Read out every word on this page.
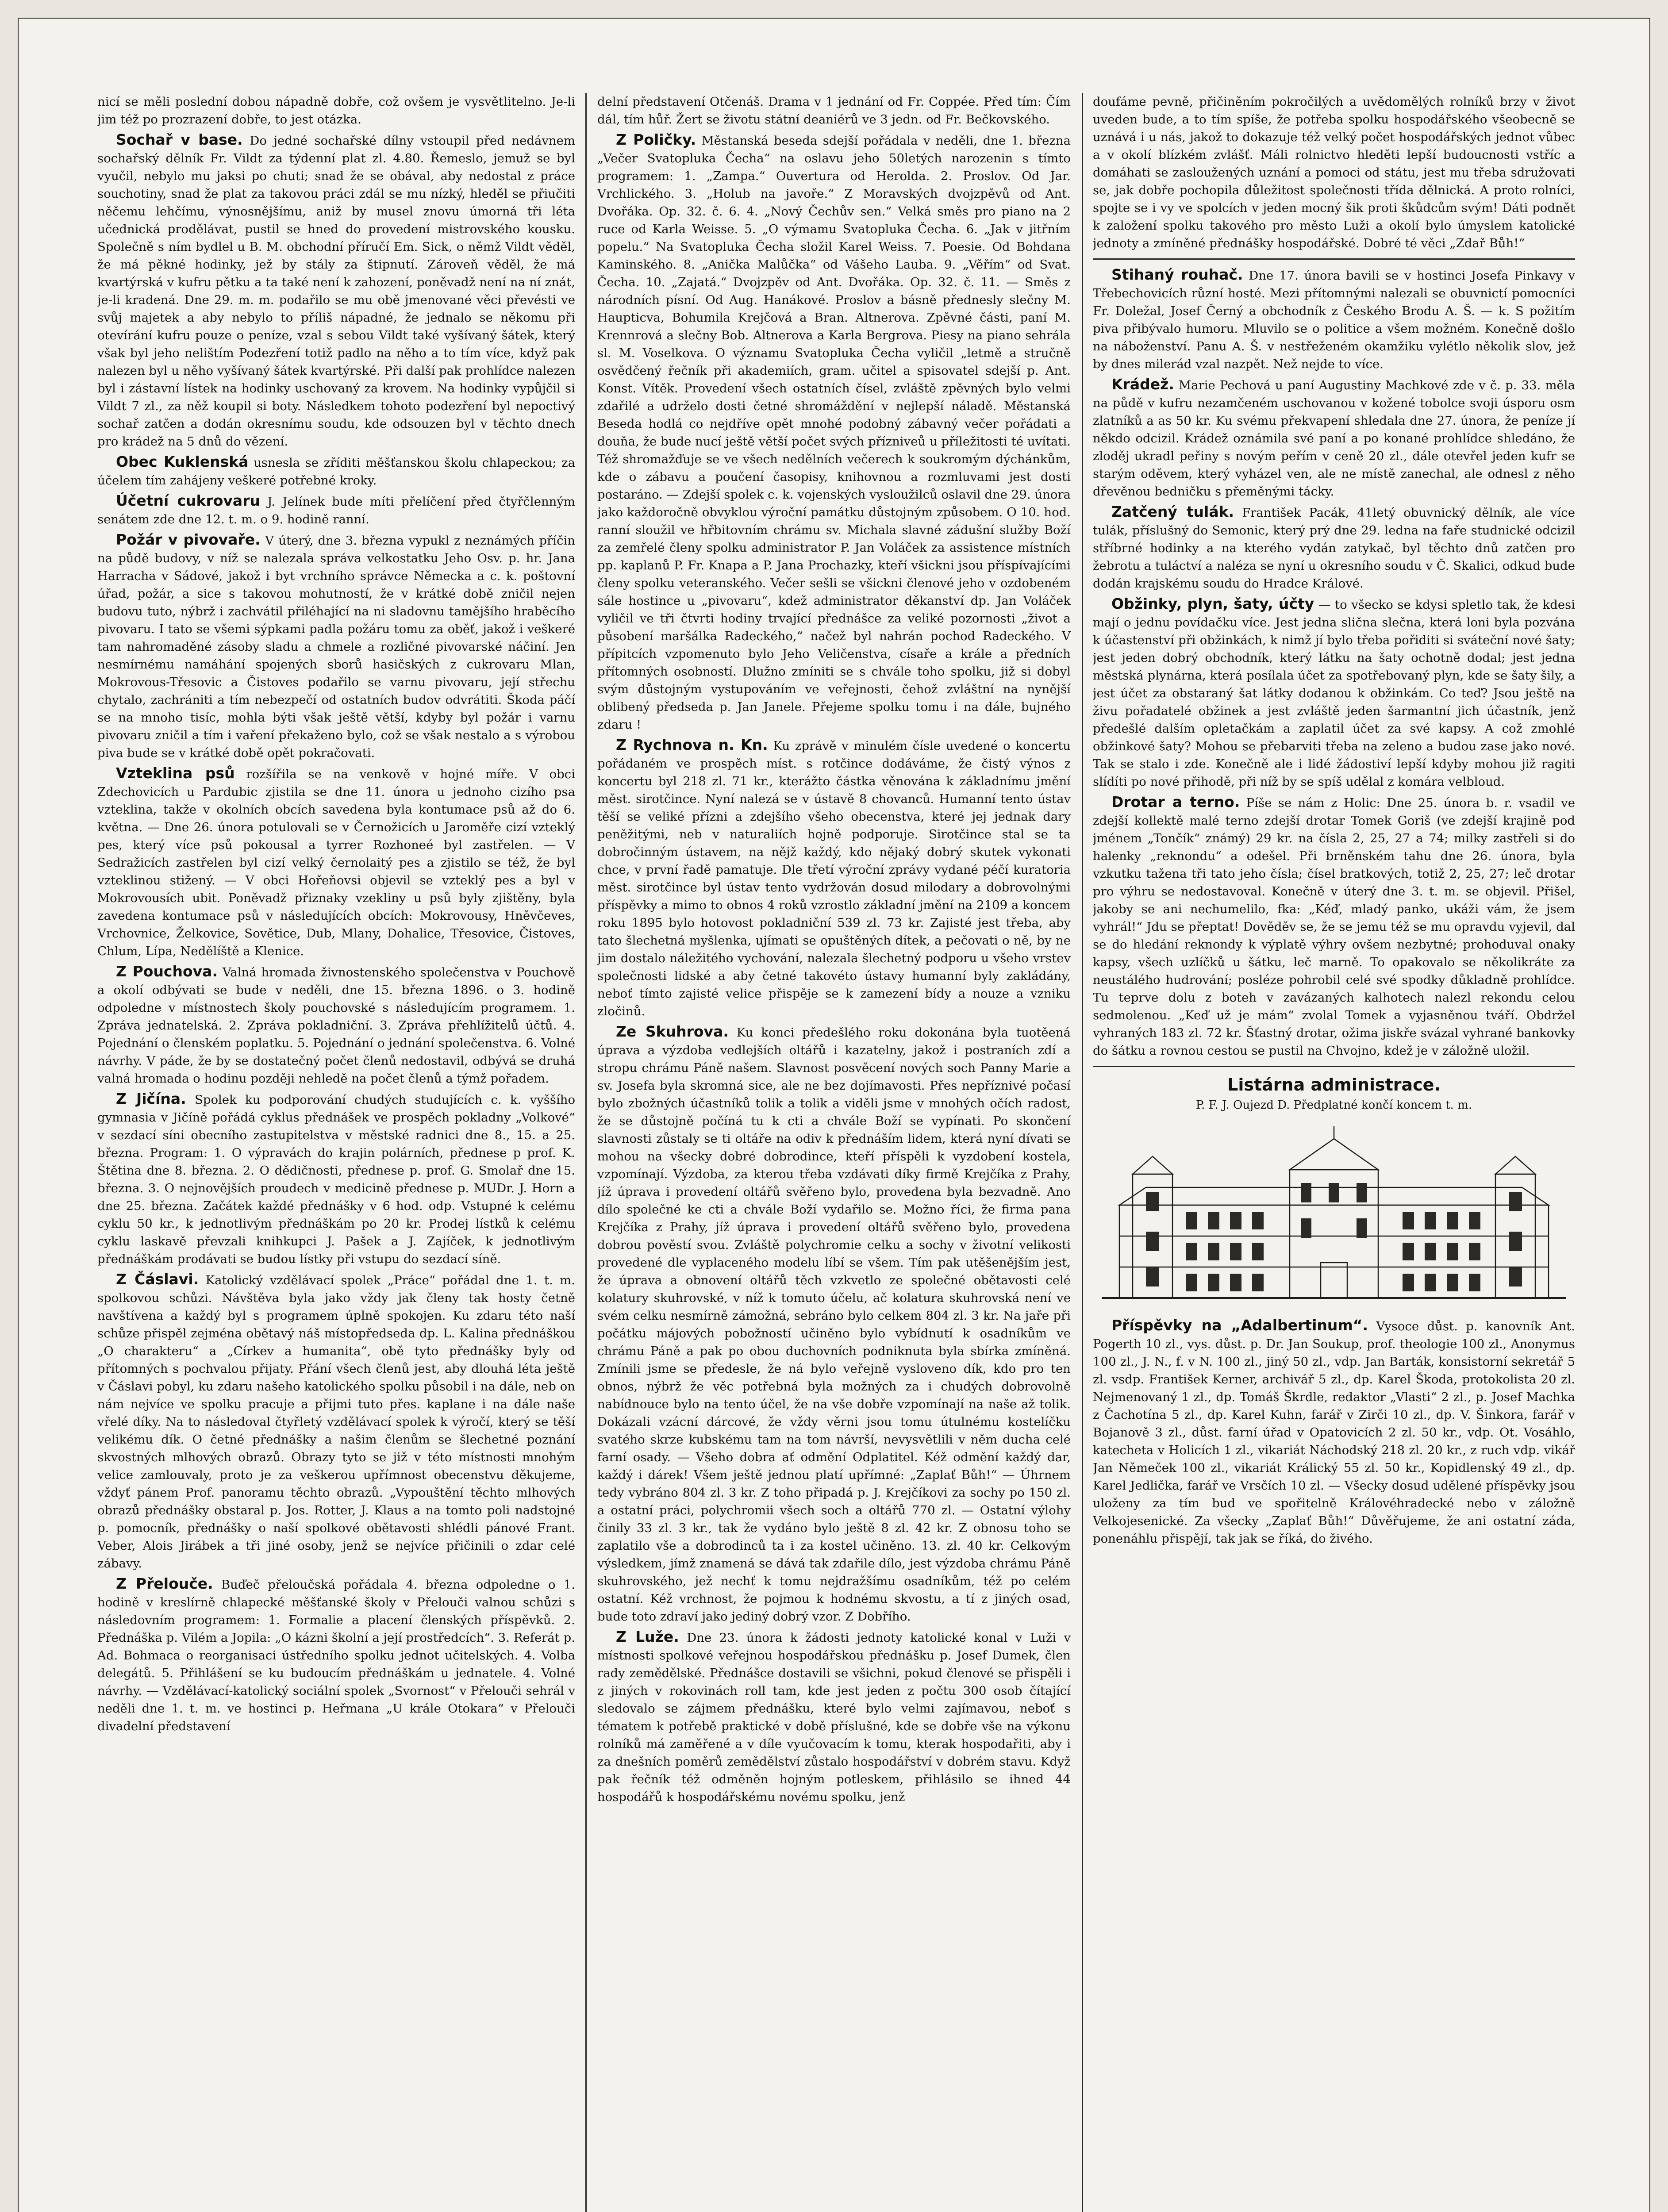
nicí se měli poslední dobou nápadně dobře, což ovšem je vysvětlitelno. Je-li jim též po prozrazení dobře, to jest otázka.

Sochař v base. Do jedné sochařské dílny vstoupil před nedávnem sochařský dělník Fr. Vildt za týdenní plat zl. 4.80. Řemeslo, jemuž se byl vyučil, nebylo mu jaksi po chuti; snad že se obával, aby nedostal z práce souchotiny, snad že plat za takovou práci zdál se mu nízký, hleděl se přiučiti něčemu lehčímu, výnosnějšímu, aniž by musel znovu úmorná tři léta učednická prodělávat, pustil se hned do provedení mistrovského kousku. Společně s ním bydlel u B. M. obchodní příručí Em. Sick, o němž Vildt věděl, že má pěkné hodinky, jež by stály za štipnutí. Zároveň věděl, že má kvartýrská v kufru pětku a ta také není k zahození, poněvadž není na ní znát, je-li kradená. Dne 29. m. m. podařilo se mu obě jmenované věci převésti ve svůj majetek a aby nebylo to příliš nápadné, že jednalo se někomu při otevírání kufru pouze o peníze, vzal s sebou Vildt také vyšívaný šátek, který však byl jeho nelištím Podezření totiž padlo na něho a to tím více, když pak nalezen byl u něho vyšívaný šátek kvartýrské. Při další pak prohlídce nalezen byl i zástavní lístek na hodinky uschovaný za krovem. Na hodinky vypůjčil si Vildt 7 zl., za něž koupil si boty. Následkem tohoto podezření byl nepoctivý sochař zatčen a dodán okresnímu soudu, kde odsouzen byl v těchto dnech pro krádež na 5 dnů do vězení.

Obec Kuklenská usnesla se zříditi měšťanskou školu chlapeckou; za účelem tím zahájeny veškeré potřebné kroky.

Účetní cukrovaru J. Jelínek bude míti přelíčení před čtyřčlenným senátem zde dne 12. t. m. o 9. hodině ranní.

Požár v pivovaře. V úterý, dne 3. března vypukl z neznámých příčin na půdě budovy, v níž se nalezala správa velkostatku Jeho Osv. p. hr. Jana Harracha v Sádové, jakož i byt vrchního správce Německa a c. k. poštovní úřad, požár, a sice s takovou mohutností, že v krátké době zničil nejen budovu tuto, nýbrž i zachvátil přiléhající na ni sladovnu tamějšího hraběcího pivovaru. I tato se všemi sýpkami padla požáru tomu za oběť, jakož i veškeré tam nahromaděné zásoby sladu a chmele a rozličné pivovarské náčiní. Jen nesmírnému namáhání spojených sborů hasičských z cukrovaru Mlan, Mokrovous-Třesovic a Čistoves podařilo se varnu pivovaru, její střechu chytalo, zachrániti a tím nebezpečí od ostatních budov odvrátiti. Škoda páčí se na mnoho tisíc, mohla býti však ještě větší, kdyby byl požár i varnu pivovaru zničil a tím i vaření překaženo bylo, což se však nestalo a s výrobou piva bude se v krátké době opět pokračovati.

Vzteklina psů rozšířila se na venkově v hojné míře. V obci Zdechovicích u Pardubic zjistila se dne 11. února u jednoho cizího psa vzteklina, takže v okolních obcích savedena byla kontumace psů až do 6. května. — Dne 26. února potulovali se v Černožicích u Jaroměře cizí vzteklý pes, který více psů pokousal a tyrrer Rozhoneé byl zastřelen. — V Sedražicích zastřelen byl cizí velký černolaitý pes a zjistilo se též, že byl vzteklinou stižený. — V obci Hořeňovsi objevil se vzteklý pes a byl v Mokrovousích ubit. Poněvadž přiznaky vzekliny u psů byly zjištěny, byla zavedena kontumace psů v následujících obcích: Mokrovousy, Hněvčeves, Vrchovnice, Želkovice, Sovětice, Dub, Mlany, Dohalice, Třesovice, Čistoves, Chlum, Lípa, Nedělíště a Klenice.

Z Pouchova. Valná hromada živnostenského společenstva v Pouchově a okolí odbývati se bude v neděli, dne 15. března 1896. o 3. hodině odpoledne v místnostech školy pouchovské s následujícím programem. 1. Zpráva jednatelská. 2. Zpráva pokladniční. 3. Zpráva přehlížitelů účtů. 4. Pojednání o členském poplatku. 5. Pojednání o jednání společenstva. 6. Volné návrhy. V páde, že by se dostatečný počet členů nedostavil, odbývá se druhá valná hromada o hodinu později nehledě na počet členů a týmž pořadem.

Z Jičína. Spolek ku podporování chudých studujících c. k. vyššího gymnasia v Jičíně pořádá cyklus přednášek ve prospěch pokladny „Volkové“ v sezdací síni obecního zastupitelstva v městské radnici dne 8., 15. a 25. března. Program: 1. O výpravách do krajin polárních, přednese p prof. K. Štětina dne 8. března. 2. O dědičnosti, přednese p. prof. G. Smolař dne 15. března. 3. O nejnovějších proudech v medicině přednese p. MUDr. J. Horn a dne 25. března. Začátek každé přednášky v 6 hod. odp. Vstupné k celému cyklu 50 kr., k jednotlivým přednáškám po 20 kr. Prodej lístků k celému cyklu laskavě převzali knihkupci J. Pašek a J. Zajíček, k jednotlivým přednáškám prodávati se budou lístky při vstupu do sezdací síně.

Z Čáslavi. Katolický vzdělávací spolek „Práce“ pořádal dne 1. t. m. spolkovou schůzi. Návštěva byla jako vždy jak členy tak hosty četně navštívena a každý byl s programem úplně spokojen. Ku zdaru této naší schůze přispěl zejména obětavý náš místopředseda dp. L. Kalina přednáškou „O charakteru“ a „Církev a humanita“, obě tyto přednášky byly od přítomných s pochvalou přijaty. Přání všech členů jest, aby dlouhá léta ještě v Čáslavi pobyl, ku zdaru našeho katolického spolku působil i na dále, neb on nám nejvíce ve spolku pracuje a přijmi tuto přes. kaplane i na dále naše vřelé díky. Na to následoval čtyřletý vzdělávací spolek k výročí, který se těší velikému dík. O četné přednášky a našim členům se šlechetné poznání skvostných mlhových obrazů. Obrazy tyto se již v této místnosti mnohým velice zamlouvaly, proto je za veškerou upřímnost obecenstvu děkujeme, vždyť pánem Prof. panoramu těchto obrazů. „Vypouštění těchto mlhových obrazů přednášky obstaral p. Jos. Rotter, J. Klaus a na tomto poli nadstojné p. pomocník, přednášky o naší spolkové obětavosti shlédli pánové Frant. Veber, Alois Jirábek a tři jiné osoby, jenž se nejvíce přičinili o zdar celé zábavy.

Z Přelouče. Buďeč přeloučská pořádala 4. března odpoledne o 1. hodině v kreslírně chlapecké měšťanské školy v Přelouči valnou schůzi s následovním programem: 1. Formalie a placení členských příspěvků. 2. Přednáška p. Vilém a Jopila: „O kázni školní a její prostředcích“. 3. Referát p. Ad. Bohmaca o reorganisaci ústředního spolku jednot učitelských. 4. Volba delegátů. 5. Přihlášení se ku budoucím přednáškám u jednatele. 4. Volné návrhy. — Vzdělávací-katolický sociální spolek „Svornost“ v Přelouči sehrál v neděli dne 1. t. m. ve hostinci p. Heřmana „U krále Otokara“ v Přelouči divadelní představení

delní představení Otčenáš. Drama v 1 jednání od Fr. Coppée. Před tím: Čím dál, tím hůř. Žert se životu státní deaniérů ve 3 jedn. od Fr. Bečkovského.

Z Poličky. Městanská beseda sdejší pořádala v neděli, dne 1. března „Večer Svatopluka Čecha“ na oslavu jeho 50letých narozenin s tímto programem: 1. „Zampa.“ Ouvertura od Herolda. 2. Proslov. Od Jar. Vrchlického. 3. „Holub na javoře.“ Z Moravských dvojzpěvů od Ant. Dvořáka. Op. 32. č. 6. 4. „Nový Čechův sen.“ Velká směs pro piano na 2 ruce od Karla Weisse. 5. „O výmamu Svatopluka Čecha. 6. „Jak v jitřním popelu.“ Na Svatopluka Čecha složil Karel Weiss. 7. Poesie. Od Bohdana Kaminského. 8. „Anička Malůčka“ od Vášeho Lauba. 9. „Věřím“ od Svat. Čecha. 10. „Zajatá.“ Dvojzpěv od Ant. Dvořáka. Op. 32. č. 11. — Směs z národních písní. Od Aug. Hanákové. Proslov a básně přednesly slečny M. Haupticva, Bohumila Krejčová a Bran. Altnerova. Zpěvné části, paní M. Krennrová a slečny Bob. Altnerova a Karla Bergrova. Piesy na piano sehrála sl. M. Voselkova. O významu Svatopluka Čecha vyličil „letmě a stručně osvědčený řečník při akademiích, gram. učitel a spisovatel sdejší p. Ant. Konst. Vítěk. Provedení všech ostatních čísel, zvláště zpěvných bylo velmi zdařilé a udrželo dosti četné shromáždění v nejlepší náladě. Městanská Beseda hodlá co nejdříve opět mnohé podobný zábavný večer pořádati a douňa, že bude nucí ještě větší počet svých přízniveů u příležitosti té uvítati. Též shromažďuje se ve všech nedělních večerech k soukromým dýchánkům, kde o zábavu a poučení časopisy, knihovnou a rozmluvami jest dosti postaráno. — Zdejší spolek c. k. vojenských vysloužilců oslavil dne 29. února jako každoročně obvyklou výroční památku důstojným způsobem. O 10. hod. ranní sloužil ve hřbitovním chrámu sv. Michala slavné zádušní služby Boží za zemřelé členy spolku administrator P. Jan Voláček za assistence místních pp. kaplanů P. Fr. Knapa a P. Jana Prochazky, kteří všickni jsou příspívajícími členy spolku veteranského. Večer sešli se všickni členové jeho v ozdobeném sále hostince u „pivovaru“, kdež administrator děkanství dp. Jan Voláček vyličil ve tři čtvrti hodiny trvající přednášce za veliké pozornosti „život a působení maršálka Radeckého,“ načež byl nahrán pochod Radeckého. V přípitcích vzpomenuto bylo Jeho Veličenstva, císaře a krále a předních přítomných osobností. Dlužno zmíniti se s chvále toho spolku, již si dobyl svým důstojným vystupováním ve veřejnosti, čehož zvláštní na nynější oblibený předseda p. Jan Janele. Přejeme spolku tomu i na dále, bujného zdaru !

Z Rychnova n. Kn. Ku zprávě v minulém čísle uvedené o koncertu pořádaném ve prospěch míst. s rotčince dodáváme, že čistý výnos z koncertu byl 218 zl. 71 kr., kterážto částka věnována k základnímu jmění měst. sirotčince. Nyní nalezá se v ústavě 8 chovanců. Humanní tento ústav těší se veliké přízni a zdejšího všeho obecenstva, které jej jednak dary peněžitými, neb v naturaliích hojně podporuje. Sirotčince stal se ta dobročinným ústavem, na nějž každý, kdo nějaký dobrý skutek vykonati chce, v první řadě pamatuje. Dle třetí výroční zprávy vydané péčí kuratoria měst. sirotčince byl ústav tento vydržován dosud milodary a dobrovolnými příspěvky a mimo to obnos 4 roků vzrostlo základní jmění na 2109 a koncem roku 1895 bylo hotovost pokladniční 539 zl. 73 kr. Zajisté jest třeba, aby tato šlechetná myšlenka, ujímati se opuštěných dítek, a pečovati o ně, by ne jim dostalo náležitého vychování, nalezala šlechetný podporu u všeho vrstev společnosti lidské a aby četné takovéto ústavy humanní byly zakládány, neboť tímto zajisté velice přispěje se k zamezení bídy a nouze a vzniku zločinů.

Ze Skuhrova. Ku konci předešlého roku dokonána byla tuotěená úprava a výzdoba vedlejších oltářů i kazatelny, jakož i postraních zdí a stropu chrámu Páně našem. Slavnost posvěcení nových soch Panny Marie a sv. Josefa byla skromná sice, ale ne bez dojímavosti. Přes nepříznivé počasí bylo zbožných účastníků tolik a tolik a viděli jsme v mnohých očích radost, že se důstojně počíná tu k cti a chvále Boží se vypínati. Po skončení slavnosti zůstaly se ti oltáře na odiv k přednáším lidem, která nyní dívati se mohou na všecky dobré dobrodince, kteří příspěli k vyzdobení kostela, vzpomínají. Výzdoba, za kterou třeba vzdávati díky firmě Krejčíka z Prahy, jíž úprava i provedení oltářů svěřeno bylo, provedena byla bezvadně. Ano dílo společné ke cti a chvále Boží vydařilo se. Možno říci, že firma pana Krejčíka z Prahy, jíž úprava i provedení oltářů svěřeno bylo, provedena dobrou pověstí svou. Zvláště polychromie celku a sochy v životní velikosti provedené dle vyplaceného modelu líbí se všem. Tím pak utěšenějším jest, že úprava a obnovení oltářů těch vzkvetlo ze společné obětavosti celé kolatury skuhrovské, v níž k tomuto účelu, ač kolatura skuhrovská není ve svém celku nesmírně zámožná, sebráno bylo celkem 804 zl. 3 kr. Na jaře při počátku májových pobožností učiněno bylo vybídnutí k osadníkům ve chrámu Páně a pak po obou duchovních podniknuta byla sbírka zmíněná. Zmínili jsme se předesle, že ná bylo veřejně vysloveno dík, kdo pro ten obnos, nýbrž že věc potřebná byla možných za i chudých dobrovolně nabídnouce bylo na tento účel, že na vše dobře vzpomínají na naše až tolik. Dokázali vzácní dárcové, že vždy věrni jsou tomu útulnému kostelíčku svatého skrze kubskému tam na tom návrší, nevysvětlili v něm ducha celé farní osady. — Všeho dobra ať odmění Odplatitel. Kéž odmění každý dar, každý i dárek! Všem ještě jednou platí upřímné: „Zaplať Bůh!“ — Úhrnem tedy vybráno 804 zl. 3 kr. Z toho připadá p. J. Krejčíkovi za sochy po 150 zl. a ostatní práci, polychromii všech soch a oltářů 770 zl. — Ostatní výlohy činily 33 zl. 3 kr., tak že vydáno bylo ještě 8 zl. 42 kr. Z obnosu toho se zaplatilo vše a dobrodinců ta i za kostel učiněno. 13. zl. 40 kr. Celkovým výsledkem, jímž znamená se dává tak zdařile dílo, jest výzdoba chrámu Páně skuhrovského, jež nechť k tomu nejdražšímu osadníkům, též po celém ostatní. Kéž vrchnost, že pojmou k hodnému skvostu, a tí z jiných osad, bude toto zdraví jako jediný dobrý vzor. Z Dobřího.

Z Luže. Dne 23. února k žádosti jednoty katolické konal v Luži v místnosti spolkové veřejnou hospodářskou přednášku p. Josef Dumek, člen rady zemědělské. Přednášce dostavili se všichni, pokud členové se přispěli i z jiných v rokovinách roll tam, kde jest jeden z počtu 300 osob čítající sledovalo se zájmem přednášku, které bylo velmi zajímavou, neboť s tématem k potřebě praktické v době příslušné, kde se dobře vše na výkonu rolníků má zaměřené a v díle vyučovacím k tomu, kterak hospodařiti, aby i za dnešních poměrů zemědělství zůstalo hospodářství v dobrém stavu. Když pak řečník též odměněn hojným potleskem, přihlásilo se ihned 44 hospodářů k hospodářskému novému spolku, jenž

doufáme pevně, přičiněním pokročilých a uvědomělých rolníků brzy v život uveden bude, a to tím spíše, že potřeba spolku hospodářského všeobecně se uznává i u nás, jakož to dokazuje též velký počet hospodářských jednot vůbec a v okolí blízkém zvlášť. Máli rolnictvo hleděti lepší budoucnosti vstříc a domáhati se zasloužených uznání a pomoci od státu, jest mu třeba sdružovati se, jak dobře pochopila důležitost společnosti třída dělnická. A proto rolníci, spojte se i vy ve spolcích v jeden mocný šik proti škůdcům svým! Dáti podnět k založení spolku takového pro město Luži a okolí bylo úmyslem katolické jednoty a zmíněné přednášky hospodářské. Dobré té věci „Zdař Bůh!“

Stihaný rouhač. Dne 17. února bavili se v hostinci Josefa Pinkavy v Třebechovicích různí hosté. Mezi přítomnými nalezali se obuvnictí pomocníci Fr. Doležal, Josef Černý a obchodník z Českého Brodu A. Š. — k. S požitím piva přibývalo humoru. Mluvilo se o politice a všem možném. Konečně došlo na náboženství. Panu A. Š. v nestřeženém okamžiku vylétlo několik slov, jež by dnes milerád vzal nazpět. Než nejde to více.

Krádež. Marie Pechová u paní Augustiny Machkové zde v č. p. 33. měla na půdě v kufru nezamčeném uschovanou v kožené tobolce svoji úsporu osm zlatníků a as 50 kr. Ku svému překvapení shledala dne 27. února, že peníze jí někdo odcizil. Krádež oznámila své paní a po konané prohlídce shledáno, že zloděj ukradl peřiny s novým peřím v ceně 20 zl., dále otevřel jeden kufr se starým oděvem, který vyházel ven, ale ne místě zanechal, ale odnesl z něho dřevěnou bedničku s přeměnými tácky.

Zatčený tulák. František Pacák, 41letý obuvnický dělník, ale více tulák, příslušný do Semonic, který prý dne 29. ledna na faře studnické odcizil stříbrné hodinky a na kterého vydán zatykač, byl těchto dnů zatčen pro žebrotu a tuláctví a naléza se nyní u okresního soudu v Č. Skalici, odkud bude dodán krajskému soudu do Hradce Králové.

Obžinky, plyn, šaty, účty — to všecko se kdysi spletlo tak, že kdesi mají o jednu povídačku více. Jest jedna slična slečna, která loni byla pozvána k účastenství při obžinkách, k nimž jí bylo třeba pořiditi si sváteční nové šaty; jest jeden dobrý obchodník, který látku na šaty ochotně dodal; jest jedna městská plynárna, která posílala účet za spotřebovaný plyn, kde se šaty šily, a jest účet za obstaraný šat látky dodanou k obžinkám. Co teď? Jsou ještě na živu pořadatelé obžinek a jest zvláště jeden šarmantní jich účastník, jenž předešlé dalším opletačkám a zaplatil účet za své kapsy. A což zmohlé obžinkové šaty? Mohou se přebarviti třeba na zeleno a budou zase jako nové. Tak se stalo i zde. Konečně ale i lidé žádostiví lepší kdyby mohou již ragiti slídíti po nové přihodě, při níž by se spíš udělal z komára velbloud.

Drotar a terno. Píše se nám z Holic: Dne 25. února b. r. vsadil ve zdejší kollektě malé terno zdejší drotar Tomek Goriš (ve zdejší krajině pod jménem „Tončík“ známý) 29 kr. na čísla 2, 25, 27 a 74; milky zastřeli si do halenky „reknondu“ a odešel. Při brněnském tahu dne 26. února, byla vzkutku tažena tři tato jeho čísla; čísel bratkových, totiž 2, 25, 27; leč drotar pro výhru se nedostavoval. Konečně v úterý dne 3. t. m. se objevil. Přišel, jakoby se ani nechumelilo, fka: „Kéď, mladý panko, ukáži vám, že jsem vyhrál!“ Jdu se přeptat! Dověděv se, že se jemu též se mu opravdu vyjevil, dal se do hledání reknondy k výplatě výhry ovšem nezbytné; prohoduval onaky kapsy, všech uzlíčků u šátku, leč marně. To opakovalo se několikráte za neustálého hudrování; posléze pohrobil celé své spodky důkladně prohlídce. Tu teprve dolu z boteh v zavázaných kalhotech nalezl rekondu celou sedmolenou. „Keď už je mám“ zvolal Tomek a vyjasněnou tváří. Obdržel vyhraných 183 zl. 72 kr. Šťastný drotar, ožima jiskře svázal vyhrané bankovky do šátku a rovnou cestou se pustil na Chvojno, kdež je v záložně uložil.

Listárna administrace.
P. F. J. Oujezd D. Předplatné končí koncem t. m.

Příspěvky na „Adalbertinum“. Vysoce důst. p. kanovník Ant. Pogerth 10 zl., vys. důst. p. Dr. Jan Soukup, prof. theologie 100 zl., Anonymus 100 zl., J. N., f. v N. 100 zl., jiný 50 zl., vdp. Jan Barták, konsistorní sekretář 5 zl. vsdp. František Kerner, archivář 5 zl., dp. Karel Škoda, protokolista 20 zl. Nejmenovaný 1 zl., dp. Tomáš Škrdle, redaktor „Vlasti“ 2 zl., p. Josef Machka z Čachotína 5 zl., dp. Karel Kuhn, farář v Zirči 10 zl., dp. V. Šinkora, farář v Bojanově 3 zl., důst. farní úřad v Opatovicích 2 zl. 50 kr., vdp. Ot. Vosáhlo, katecheta v Holicích 1 zl., vikariát Náchodský 218 zl. 20 kr., z ruch vdp. vikář Jan Němeček 100 zl., vikariát Králický 55 zl. 50 kr., Kopidlenský 49 zl., dp. Karel Jedlička, farář ve Vrsčích 10 zl. — Všecky dosud udělené příspěvky jsou uloženy za tím bud ve spořitelně Královéhradecké nebo v záložně Velkojesenické. Za všecky „Zaplať Bůh!“ Důvěřujeme, že ani ostatní záda, ponenáhlu přispějí, tak jak se říká, do živého.
